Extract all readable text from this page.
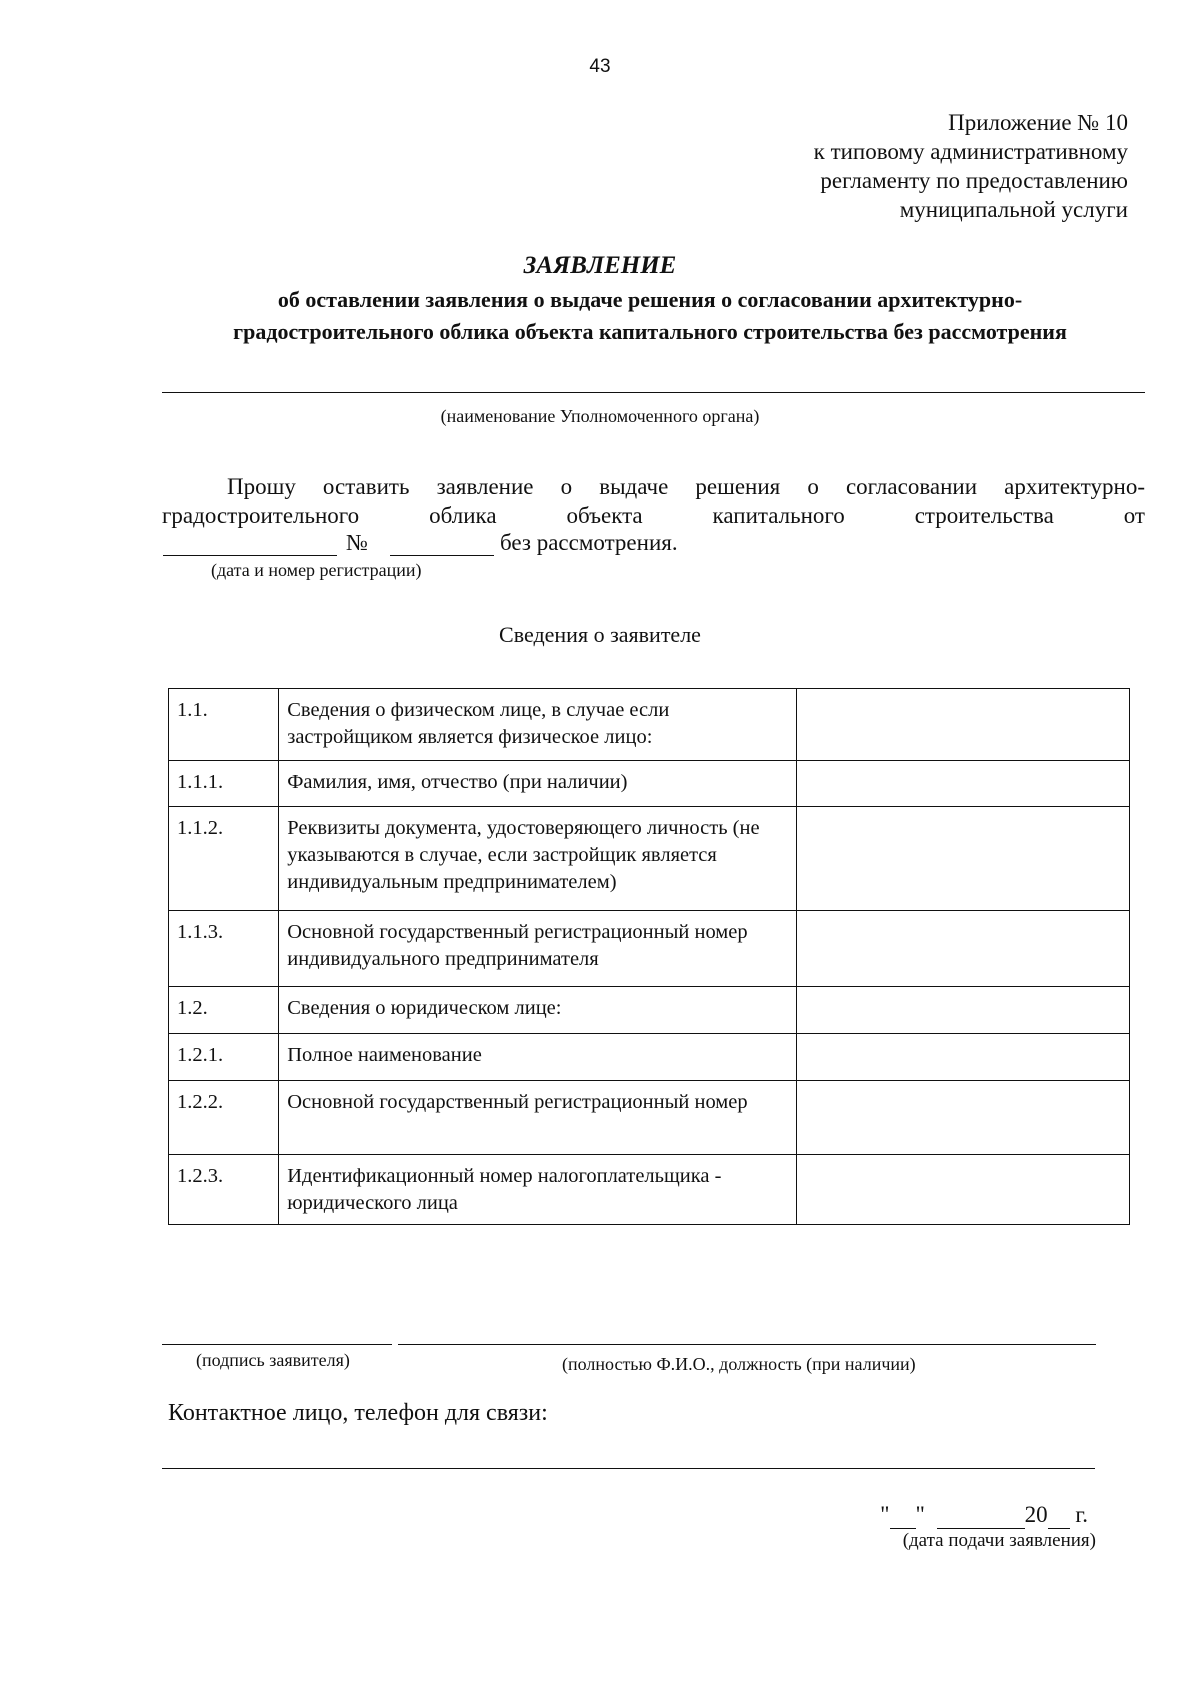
43
Приложение № 10
к типовому административному
регламенту по предоставлению
муниципальной услуги
ЗАЯВЛЕНИЕ
об оставлении заявления о выдаче решения о согласовании архитектурно-
градостроительного облика объекта капитального строительства без рассмотрения
(наименование Уполномоченного органа)
Прошу оставить заявление о выдаче решения о согласовании архитектурно-
градостроительного	облика	объекта	капитального	строительства	от
№	без рассмотрения.
(дата и номер регистрации)
Сведения о заявителе
1.1.	Сведения о физическом лице, в случае если застройщиком является физическое лицо:	
1.1.1.	Фамилия, имя, отчество (при наличии)	
1.1.2.	Реквизиты документа, удостоверяющего личность (не указываются в случае, если застройщик является индивидуальным предпринимателем)	
1.1.3.	Основной государственный регистрационный номер индивидуального предпринимателя	
1.2.	Сведения о юридическом лице:	
1.2.1.	Полное наименование	
1.2.2.	Основной государственный регистрационный номер	
1.2.3.	Идентификационный номер налогоплательщика - юридического лица	
(подпись заявителя)	(полностью Ф.И.О., должность (при наличии)
Контактное лицо, телефон для связи:
" "	20 г.
(дата подачи заявления)
